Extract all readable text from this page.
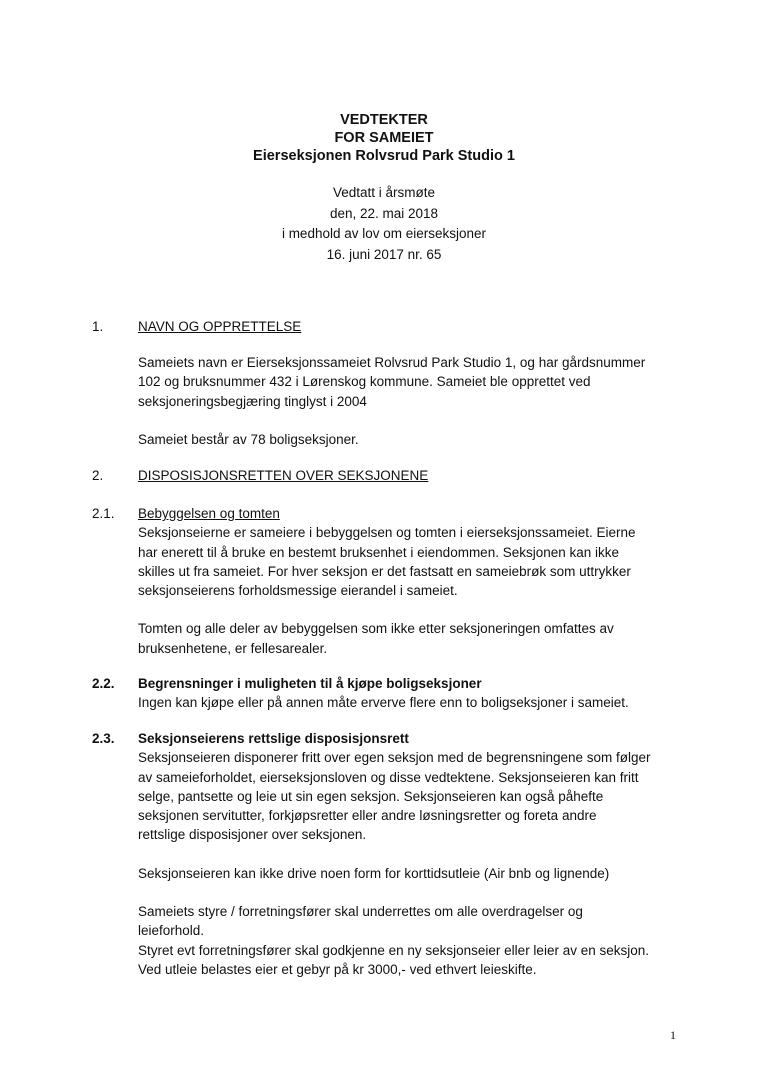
VEDTEKTER
FOR SAMEIET
Eierseksjonen Rolvsrud Park Studio 1
Vedtatt i årsmøte
den, 22. mai 2018
i medhold av lov om eierseksjoner
16. juni 2017 nr. 65
1.	NAVN OG OPPRETTELSE
Sameiets navn er Eierseksjonssameiet Rolvsrud Park Studio 1, og har gårdsnummer
102 og bruksnummer 432 i Lørenskog kommune. Sameiet ble opprettet ved
seksjoneringsbegjæring tinglyst i 2004
Sameiet består av 78 boligseksjoner.
2.	DISPOSISJONSRETTEN OVER SEKSJONENE
2.1. Bebyggelsen og tomten
Seksjonseierne er sameiere i bebyggelsen og tomten i eierseksjonssameiet. Eierne
har enerett til å bruke en bestemt bruksenhet i eiendommen. Seksjonen kan ikke
skilles ut fra sameiet. For hver seksjon er det fastsatt en sameiebrøk som uttrykker
seksjonseierens forholdsmessige eierandel i sameiet.
Tomten og alle deler av bebyggelsen som ikke etter seksjoneringen omfattes av
bruksenhetene, er fellesarealer.
2.2. Begrensninger i muligheten til å kjøpe boligseksjoner
Ingen kan kjøpe eller på annen måte erverve flere enn to boligseksjoner i sameiet.
2.3. Seksjonseierens rettslige disposisjonsrett
Seksjonseieren disponerer fritt over egen seksjon med de begrensningene som følger
av sameieforholdet, eierseksjonsloven og disse vedtektene. Seksjonseieren kan fritt
selge, pantsette og leie ut sin egen seksjon. Seksjonseieren kan også påhefte
seksjonen servitutter, forkjøpsretter eller andre løsningsretter og foreta andre
rettslige disposisjoner over seksjonen.
Seksjonseieren kan ikke drive noen form for korttidsutleie (Air bnb og lignende)
Sameiets styre / forretningsfører skal underrettes om alle overdragelser og
leieforhold.
Styret evt forretningsfører skal godkjenne en ny seksjonseier eller leier av en seksjon.
Ved utleie belastes eier et gebyr på kr 3000,- ved ethvert leieskifte.
1
